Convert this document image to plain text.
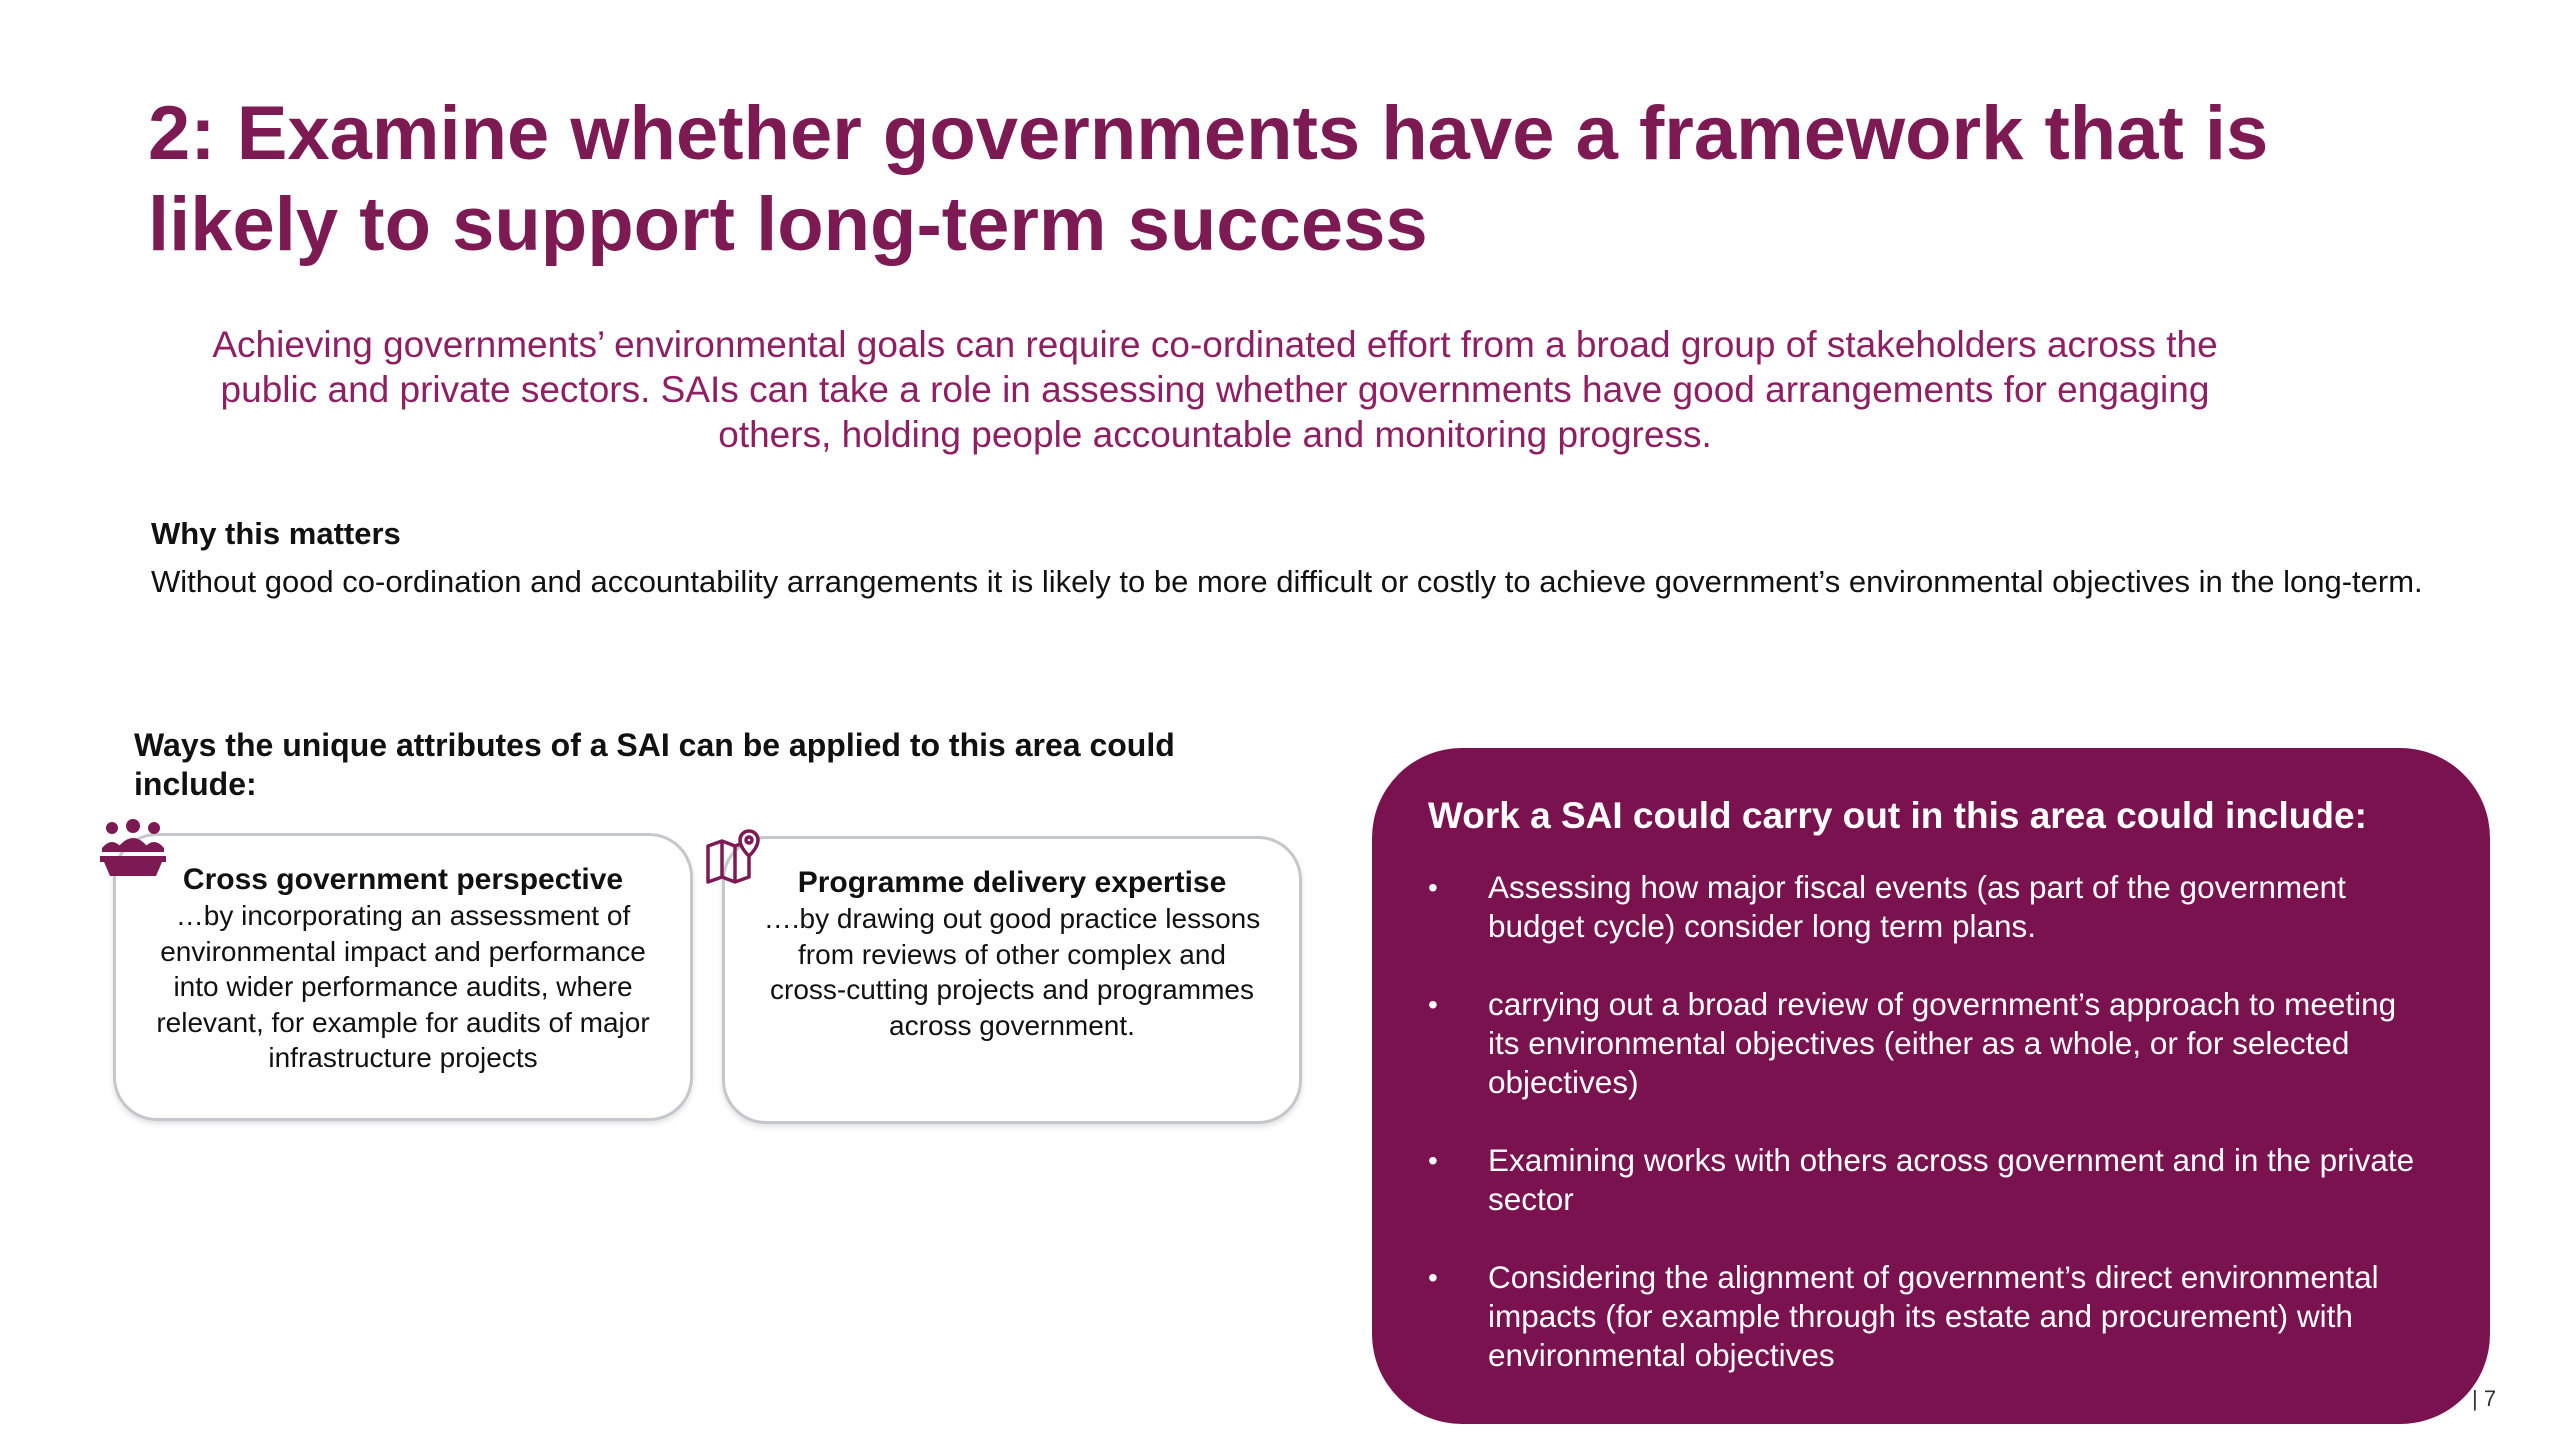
2: Examine whether governments have a framework that is likely to support long-term success

Achieving governments’ environmental goals can require co-ordinated effort from a broad group of stakeholders across the public and private sectors. SAIs can take a role in assessing whether governments have good arrangements for engaging others, holding people accountable and monitoring progress.

Why this matters

Without good co-ordination and accountability arrangements it is likely to be more difficult or costly to achieve government’s environmental objectives in the long-term.

Ways the unique attributes of a SAI can be applied to this area could include:

Cross government perspective

…by incorporating an assessment of environmental impact and performance into wider performance audits, where relevant, for example for audits of major infrastructure projects

Programme delivery expertise

….by drawing out good practice lessons from reviews of other complex and cross-cutting projects and programmes across government.

Work a SAI could carry out in this area could include:

• Assessing how major fiscal events (as part of the government budget cycle) consider long term plans.
• carrying out a broad review of government’s approach to meeting its environmental objectives (either as a whole, or for selected objectives)
• Examining works with others across government and in the private sector
• Considering the alignment of government’s direct environmental impacts (for example through its estate and procurement) with environmental objectives

| 7
